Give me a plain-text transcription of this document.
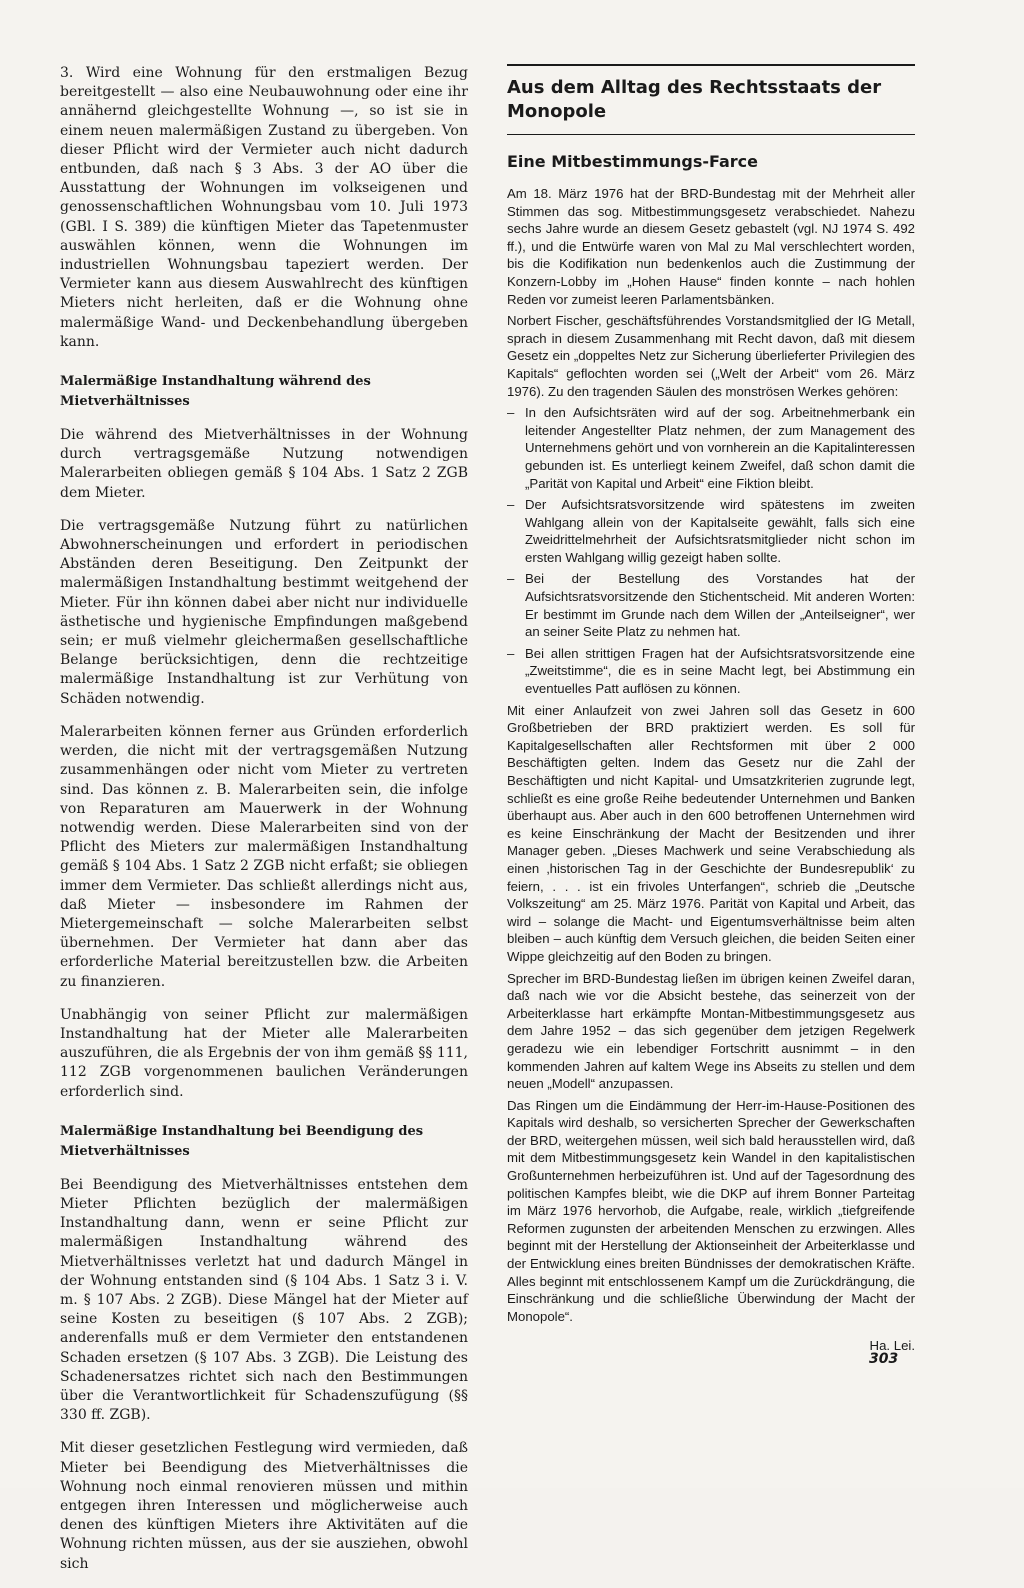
3. Wird eine Wohnung für den erstmaligen Bezug bereitgestellt — also eine Neubauwohnung oder eine ihr annähernd gleichgestellte Wohnung —, so ist sie in einem neuen malermäßigen Zustand zu übergeben. Von dieser Pflicht wird der Vermieter auch nicht dadurch entbunden, daß nach § 3 Abs. 3 der AO über die Ausstattung der Wohnungen im volkseigenen und genossenschaftlichen Wohnungsbau vom 10. Juli 1973 (GBl. I S. 389) die künftigen Mieter das Tapetenmuster auswählen können, wenn die Wohnungen im industriellen Wohnungsbau tapeziert werden. Der Vermieter kann aus diesem Auswahlrecht des künftigen Mieters nicht herleiten, daß er die Wohnung ohne malermäßige Wand- und Deckenbehandlung übergeben kann.

Malermäßige Instandhaltung während des Mietverhältnisses

Die während des Mietverhältnisses in der Wohnung durch vertragsgemäße Nutzung notwendigen Malerarbeiten obliegen gemäß § 104 Abs. 1 Satz 2 ZGB dem Mieter.

Die vertragsgemäße Nutzung führt zu natürlichen Abwohnerscheinungen und erfordert in periodischen Abständen deren Beseitigung. Den Zeitpunkt der malermäßigen Instandhaltung bestimmt weitgehend der Mieter. Für ihn können dabei aber nicht nur individuelle ästhetische und hygienische Empfindungen maßgebend sein; er muß vielmehr gleichermaßen gesellschaftliche Belange berücksichtigen, denn die rechtzeitige malermäßige Instandhaltung ist zur Verhütung von Schäden notwendig.

Malerarbeiten können ferner aus Gründen erforderlich werden, die nicht mit der vertragsgemäßen Nutzung zusammenhängen oder nicht vom Mieter zu vertreten sind. Das können z. B. Malerarbeiten sein, die infolge von Reparaturen am Mauerwerk in der Wohnung notwendig werden. Diese Malerarbeiten sind von der Pflicht des Mieters zur malermäßigen Instandhaltung gemäß § 104 Abs. 1 Satz 2 ZGB nicht erfaßt; sie obliegen immer dem Vermieter. Das schließt allerdings nicht aus, daß Mieter — insbesondere im Rahmen der Mietergemeinschaft — solche Malerarbeiten selbst übernehmen. Der Vermieter hat dann aber das erforderliche Material bereitzustellen bzw. die Arbeiten zu finanzieren.

Unabhängig von seiner Pflicht zur malermäßigen Instandhaltung hat der Mieter alle Malerarbeiten auszuführen, die als Ergebnis der von ihm gemäß §§ 111, 112 ZGB vorgenommenen baulichen Veränderungen erforderlich sind.

Malermäßige Instandhaltung bei Beendigung des Mietverhältnisses

Bei Beendigung des Mietverhältnisses entstehen dem Mieter Pflichten bezüglich der malermäßigen Instandhaltung dann, wenn er seine Pflicht zur malermäßigen Instandhaltung während des Mietverhältnisses verletzt hat und dadurch Mängel in der Wohnung entstanden sind (§ 104 Abs. 1 Satz 3 i. V. m. § 107 Abs. 2 ZGB). Diese Mängel hat der Mieter auf seine Kosten zu beseitigen (§ 107 Abs. 2 ZGB); anderenfalls muß er dem Vermieter den entstandenen Schaden ersetzen (§ 107 Abs. 3 ZGB). Die Leistung des Schadenersatzes richtet sich nach den Bestimmungen über die Verantwortlichkeit für Schadenszufügung (§§ 330 ff. ZGB).

Mit dieser gesetzlichen Festlegung wird vermieden, daß Mieter bei Beendigung des Mietverhältnisses die Wohnung noch einmal renovieren müssen und mithin entgegen ihren Interessen und möglicherweise auch denen des künftigen Mieters ihre Aktivitäten auf die Wohnung richten müssen, aus der sie ausziehen, obwohl sich

Aus dem Alltag des Rechtsstaats der Monopole
Eine Mitbestimmungs-Farce

Am 18. März 1976 hat der BRD-Bundestag mit der Mehrheit aller Stimmen das sog. Mitbestimmungsgesetz verabschiedet. Nahezu sechs Jahre wurde an diesem Gesetz gebastelt (vgl. NJ 1974 S. 492 ff.), und die Entwürfe waren von Mal zu Mal verschlechtert worden, bis die Kodifikation nun bedenkenlos auch die Zustimmung der Konzern-Lobby im „Hohen Hause“ finden konnte – nach hohlen Reden vor zumeist leeren Parlamentsbänken.

Norbert Fischer, geschäftsführendes Vorstandsmitglied der IG Metall, sprach in diesem Zusammenhang mit Recht davon, daß mit diesem Gesetz ein „doppeltes Netz zur Sicherung überlieferter Privilegien des Kapitals“ geflochten worden sei („Welt der Arbeit“ vom 26. März 1976). Zu den tragenden Säulen des monströsen Werkes gehören:

– In den Aufsichtsräten wird auf der sog. Arbeitnehmerbank ein leitender Angestellter Platz nehmen, der zum Management des Unternehmens gehört und von vornherein an die Kapitalinteressen gebunden ist. Es unterliegt keinem Zweifel, daß schon damit die „Parität von Kapital und Arbeit“ eine Fiktion bleibt.
– Der Aufsichtsratsvorsitzende wird spätestens im zweiten Wahlgang allein von der Kapitalseite gewählt, falls sich eine Zweidrittelmehrheit der Aufsichtsratsmitglieder nicht schon im ersten Wahlgang willig gezeigt haben sollte.
– Bei der Bestellung des Vorstandes hat der Aufsichtsratsvorsitzende den Stichentscheid. Mit anderen Worten: Er bestimmt im Grunde nach dem Willen der „Anteilseigner“, wer an seiner Seite Platz zu nehmen hat.
– Bei allen strittigen Fragen hat der Aufsichtsratsvorsitzende eine „Zweitstimme“, die es in seine Macht legt, bei Abstimmung ein eventuelles Patt auflösen zu können.

Mit einer Anlaufzeit von zwei Jahren soll das Gesetz in 600 Großbetrieben der BRD praktiziert werden. Es soll für Kapitalgesellschaften aller Rechtsformen mit über 2 000 Beschäftigten gelten. Indem das Gesetz nur die Zahl der Beschäftigten und nicht Kapital- und Umsatzkriterien zugrunde legt, schließt es eine große Reihe bedeutender Unternehmen und Banken überhaupt aus. Aber auch in den 600 betroffenen Unternehmen wird es keine Einschränkung der Macht der Besitzenden und ihrer Manager geben. „Dieses Machwerk und seine Verabschiedung als einen ‚historischen Tag in der Geschichte der Bundesrepublik‘ zu feiern, . . . ist ein frivoles Unterfangen“, schrieb die „Deutsche Volkszeitung“ am 25. März 1976. Parität von Kapital und Arbeit, das wird – solange die Macht- und Eigentumsverhältnisse beim alten bleiben – auch künftig dem Versuch gleichen, die beiden Seiten einer Wippe gleichzeitig auf den Boden zu bringen.

Sprecher im BRD-Bundestag ließen im übrigen keinen Zweifel daran, daß nach wie vor die Absicht bestehe, das seinerzeit von der Arbeiterklasse hart erkämpfte Montan-Mitbestimmungsgesetz aus dem Jahre 1952 – das sich gegenüber dem jetzigen Regelwerk geradezu wie ein lebendiger Fortschritt ausnimmt – in den kommenden Jahren auf kaltem Wege ins Abseits zu stellen und dem neuen „Modell“ anzupassen.

Das Ringen um die Eindämmung der Herr-im-Hause-Positionen des Kapitals wird deshalb, so versicherten Sprecher der Gewerkschaften der BRD, weitergehen müssen, weil sich bald herausstellen wird, daß mit dem Mitbestimmungsgesetz kein Wandel in den kapitalistischen Großunternehmen herbeizuführen ist. Und auf der Tagesordnung des politischen Kampfes bleibt, wie die DKP auf ihrem Bonner Parteitag im März 1976 hervorhob, die Aufgabe, reale, wirklich „tiefgreifende Reformen zugunsten der arbeitenden Menschen zu erzwingen. Alles beginnt mit der Herstellung der Aktionseinheit der Arbeiterklasse und der Entwicklung eines breiten Bündnisses der demokratischen Kräfte. Alles beginnt mit entschlossenem Kampf um die Zurückdrängung, die Einschränkung und die schließliche Überwindung der Macht der Monopole“.

Ha. Lei.
303
